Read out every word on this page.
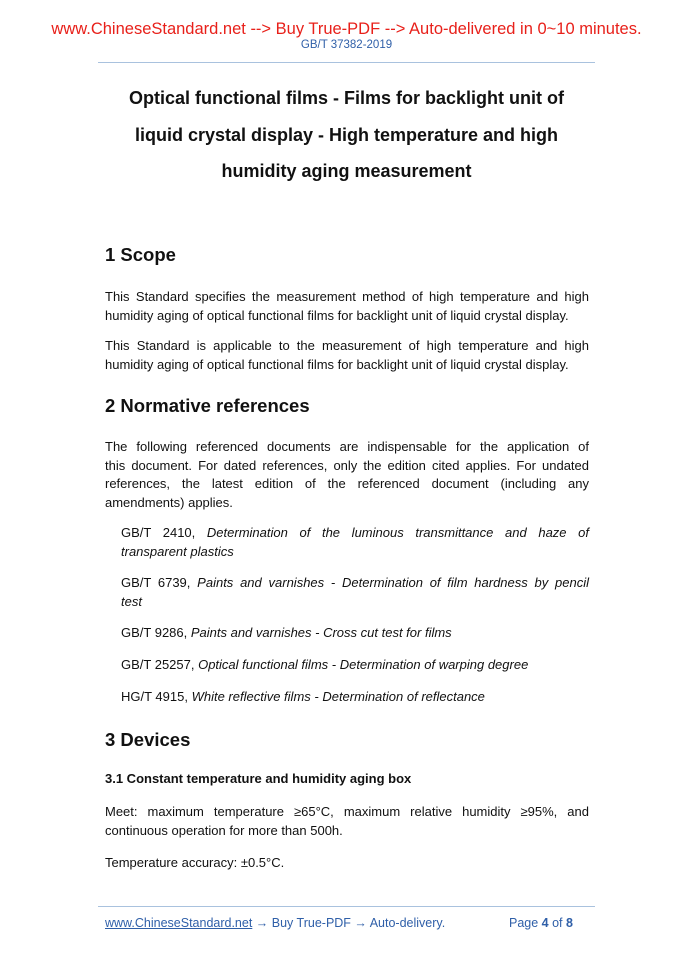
www.ChineseStandard.net --> Buy True-PDF --> Auto-delivered in 0~10 minutes.
GB/T 37382-2019
Optical functional films - Films for backlight unit of
liquid crystal display - High temperature and high
humidity aging measurement
1 Scope
This Standard specifies the measurement method of high temperature and high
humidity aging of optical functional films for backlight unit of liquid crystal display.
This Standard is applicable to the measurement of high temperature and high
humidity aging of optical functional films for backlight unit of liquid crystal display.
2 Normative references
The following referenced documents are indispensable for the application of
this document. For dated references, only the edition cited applies. For undated
references, the latest edition of the referenced document (including any
amendments) applies.
GB/T 2410, Determination of the luminous transmittance and haze of
transparent plastics
GB/T 6739, Paints and varnishes - Determination of film hardness by pencil
test
GB/T 9286, Paints and varnishes - Cross cut test for films
GB/T 25257, Optical functional films - Determination of warping degree
HG/T 4915, White reflective films - Determination of reflectance
3 Devices
3.1 Constant temperature and humidity aging box
Meet: maximum temperature ≥65°C, maximum relative humidity ≥95%, and
continuous operation for more than 500h.
Temperature accuracy: ±0.5°C.
www.ChineseStandard.net → Buy True-PDF → Auto-delivery.	Page 4 of 8
